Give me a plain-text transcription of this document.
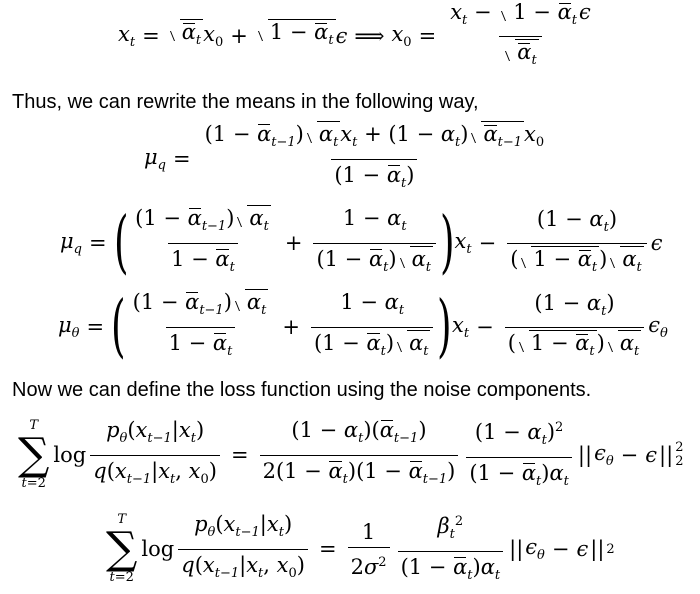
$x_t$ =	$\alpha_t$ $x_0$ +	$1 - \alpha_t$ ϵ ⟹ $x_0 = \frac{x_t - 1 - \alpha_t\epsilon}{\alpha_t}$
Thus, we can rewrite the means in the following way,
$\mu_q = \frac{(1 - \alpha_{t-1}) \alpha_tx_t + (1 - \alpha_t) \alpha_{t-1}x_0}{(1 - \alpha_t)}$
$\mu_q$ = ( $\frac{(1 - \alpha_{t-1}) \alpha_t}{1 - \alpha_t} + \frac{1 - \alpha_t}{(1 - \alpha_t) \alpha_t}$ ) $x_t - \frac{(1 - \alpha_t)}{( 1 - \alpha_t) \alpha_t}$ ϵ
$\mu_\theta$ = ( $\frac{(1 - \alpha_{t-1}) \alpha_t}{1 - \alpha_t} + \frac{1 - \alpha_t}{(1 - \alpha_t) \alpha_t}$ ) $x_t - \frac{(1 - \alpha_t)}{( 1 - \alpha_t) \alpha_t} \epsilon_\theta$
Now we can define the loss function using the noise components.
T
∑
t=2
$\log \frac{p_\theta(x_{t-1}|x_t)}{q(x_{t-1}|x_t, x_0)} = \frac{(1 - \alpha_t)(\alpha_{t-1})}{2(1 - \alpha_t)(1 - \alpha_{t-1})} \frac{(1 - \alpha_t)^2}{(1 - \alpha_t)\alpha_t}$ || $\epsilon_\theta - \epsilon$ || 2
2
T
∑
t=2
$\log \frac{p_\theta(x_{t-1}|x_t)}{q(x_{t-1}|x_t, x_0)} = \frac{1}{2\sigma^2} \frac{\beta_t^2}{(1 - \alpha_t)\alpha_t}$ || $\epsilon_\theta - \epsilon$ || 2
